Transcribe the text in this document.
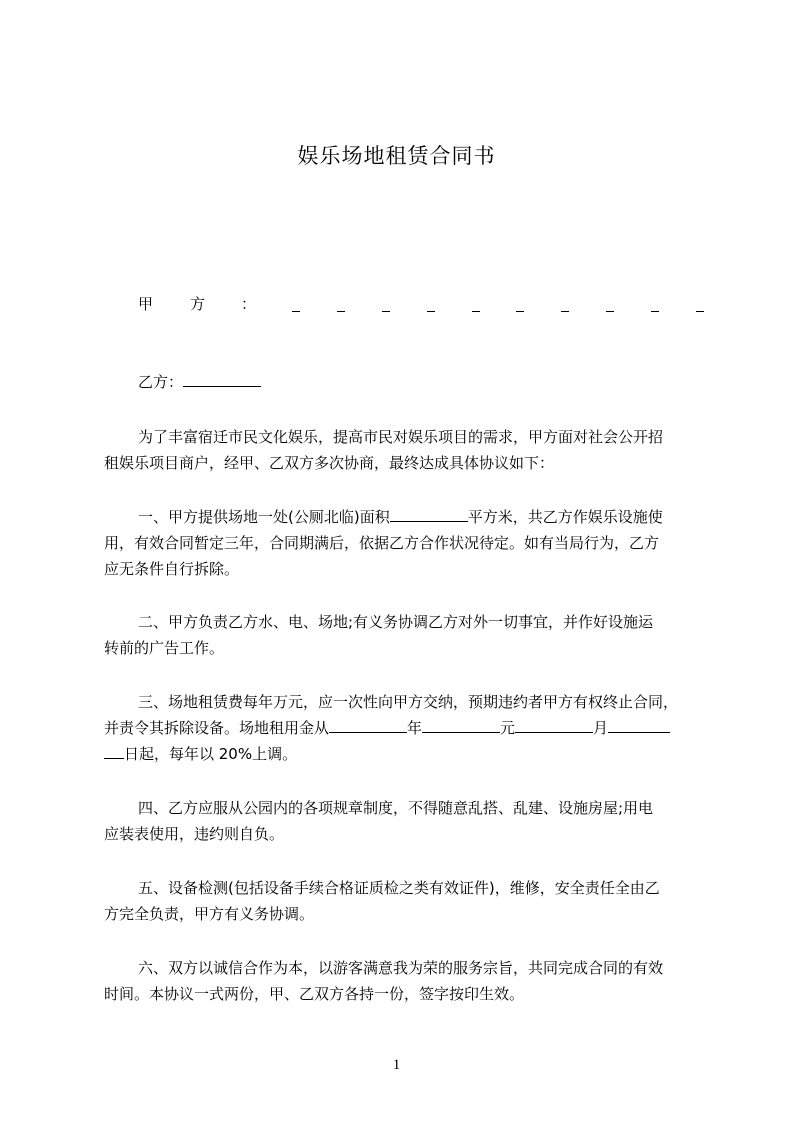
娱乐场地租赁合同书
甲 方 ：
乙方：
为了丰富宿迁市民文化娱乐，提高市民对娱乐项目的需求，甲方面对社会公开招
租娱乐项目商户，经甲、乙双方多次协商，最终达成具体协议如下：
一、甲方提供场地一处(公厕北临)面积	平方米，共乙方作娱乐设施使
用，有效合同暂定三年，合同期满后，依据乙方合作状况待定。如有当局行为，乙方
应无条件自行拆除。
二、甲方负责乙方水、电、场地;有义务协调乙方对外一切事宜，并作好设施运
转前的广告工作。
三、场地租赁费每年万元，应一次性向甲方交纳，预期违约者甲方有权终止合同，
并责令其拆除设备。场地租用金从	年	元	月
日起，每年以 20%上调。
四、乙方应服从公园内的各项规章制度，不得随意乱搭、乱建、设施房屋;用电
应装表使用，违约则自负。
五、设备检测(包括设备手续合格证质检之类有效证件)，维修，安全责任全由乙
方完全负责，甲方有义务协调。
六、双方以诚信合作为本，以游客满意我为荣的服务宗旨，共同完成合同的有效
时间。本协议一式两份，甲、乙双方各持一份，签字按印生效。
1
